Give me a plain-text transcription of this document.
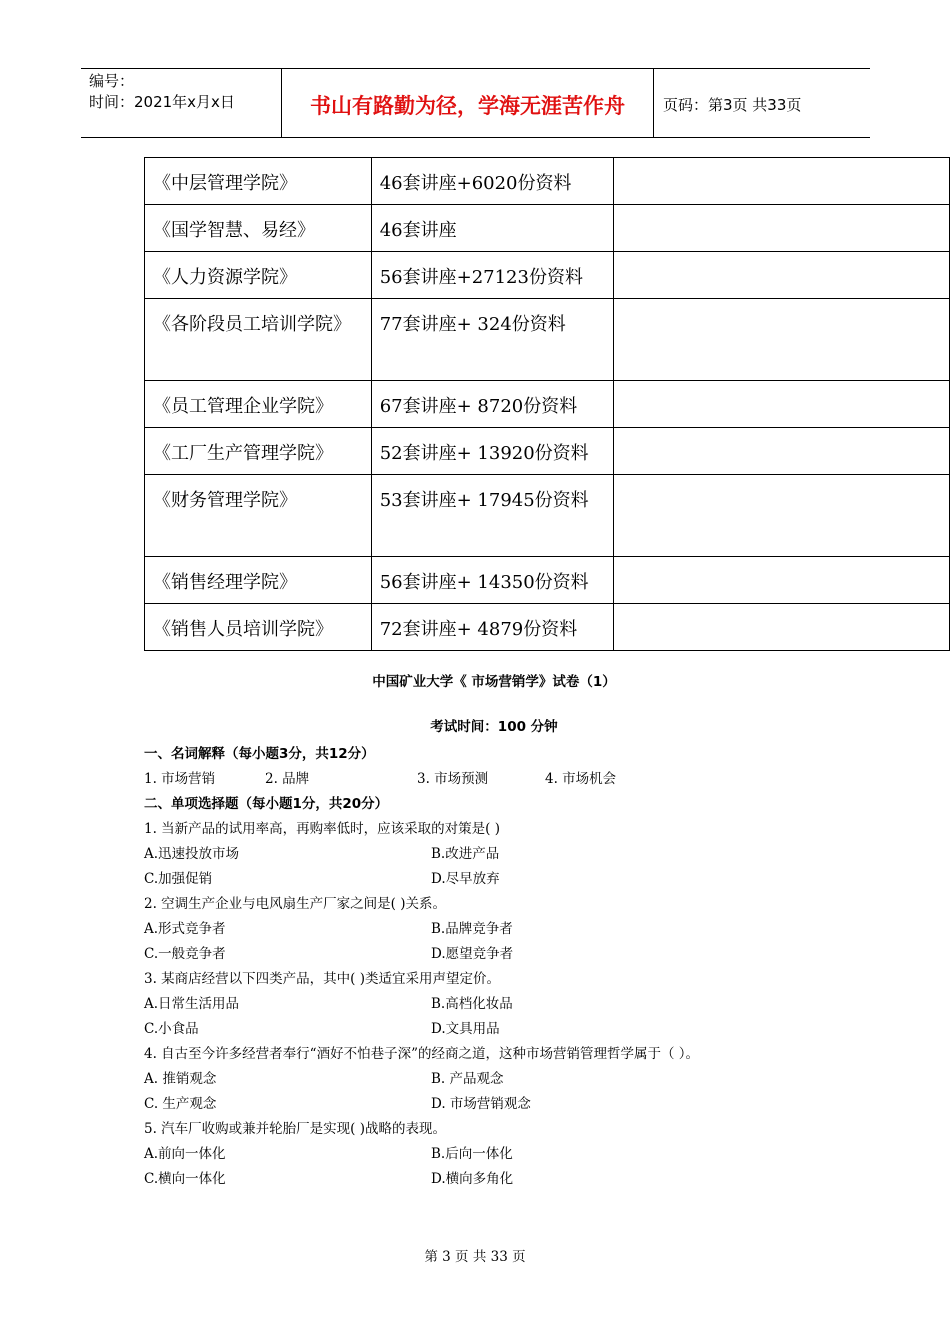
编号：
时间：2021年x月x日	书山有路勤为径，学海无涯苦作舟	页码：第3页 共33页
《中层管理学院》	46套讲座+6020份资料	
《国学智慧、易经》	46套讲座	
《人力资源学院》	56套讲座+27123份资料	
《各阶段员工培训学院》	77套讲座+ 324份资料	
《员工管理企业学院》	67套讲座+ 8720份资料	
《工厂生产管理学院》	52套讲座+ 13920份资料	
《财务管理学院》	53套讲座+ 17945份资料	
《销售经理学院》	56套讲座+ 14350份资料	
《销售人员培训学院》	72套讲座+ 4879份资料	
中国矿业大学《 市场营销学》试卷（1）
考试时间：100 分钟
一、名词解释（每小题3分，共12分）
1. 市场营销	2. 品牌	3. 市场预测	4. 市场机会
二、单项选择题（每小题1分，共20分）
1. 当新产品的试用率高，再购率低时，应该采取的对策是( )
A.迅速投放市场	B.改进产品
C.加强促销	D.尽早放弃
2. 空调生产企业与电风扇生产厂家之间是( )关系。
A.形式竞争者	B.品牌竞争者
C.一般竞争者	D.愿望竞争者
3. 某商店经营以下四类产品，其中( )类适宜采用声望定价。
A.日常生活用品	B.高档化妆品
C.小食品	D.文具用品
4. 自古至今许多经营者奉行“酒好不怕巷子深”的经商之道，这种市场营销管理哲学属于（ ）。
A. 推销观念	B. 产品观念
C. 生产观念	D. 市场营销观念
5. 汽车厂收购或兼并轮胎厂是实现( )战略的表现。
A.前向一体化	B.后向一体化
C.横向一体化	D.横向多角化
第 3 页 共 33 页
